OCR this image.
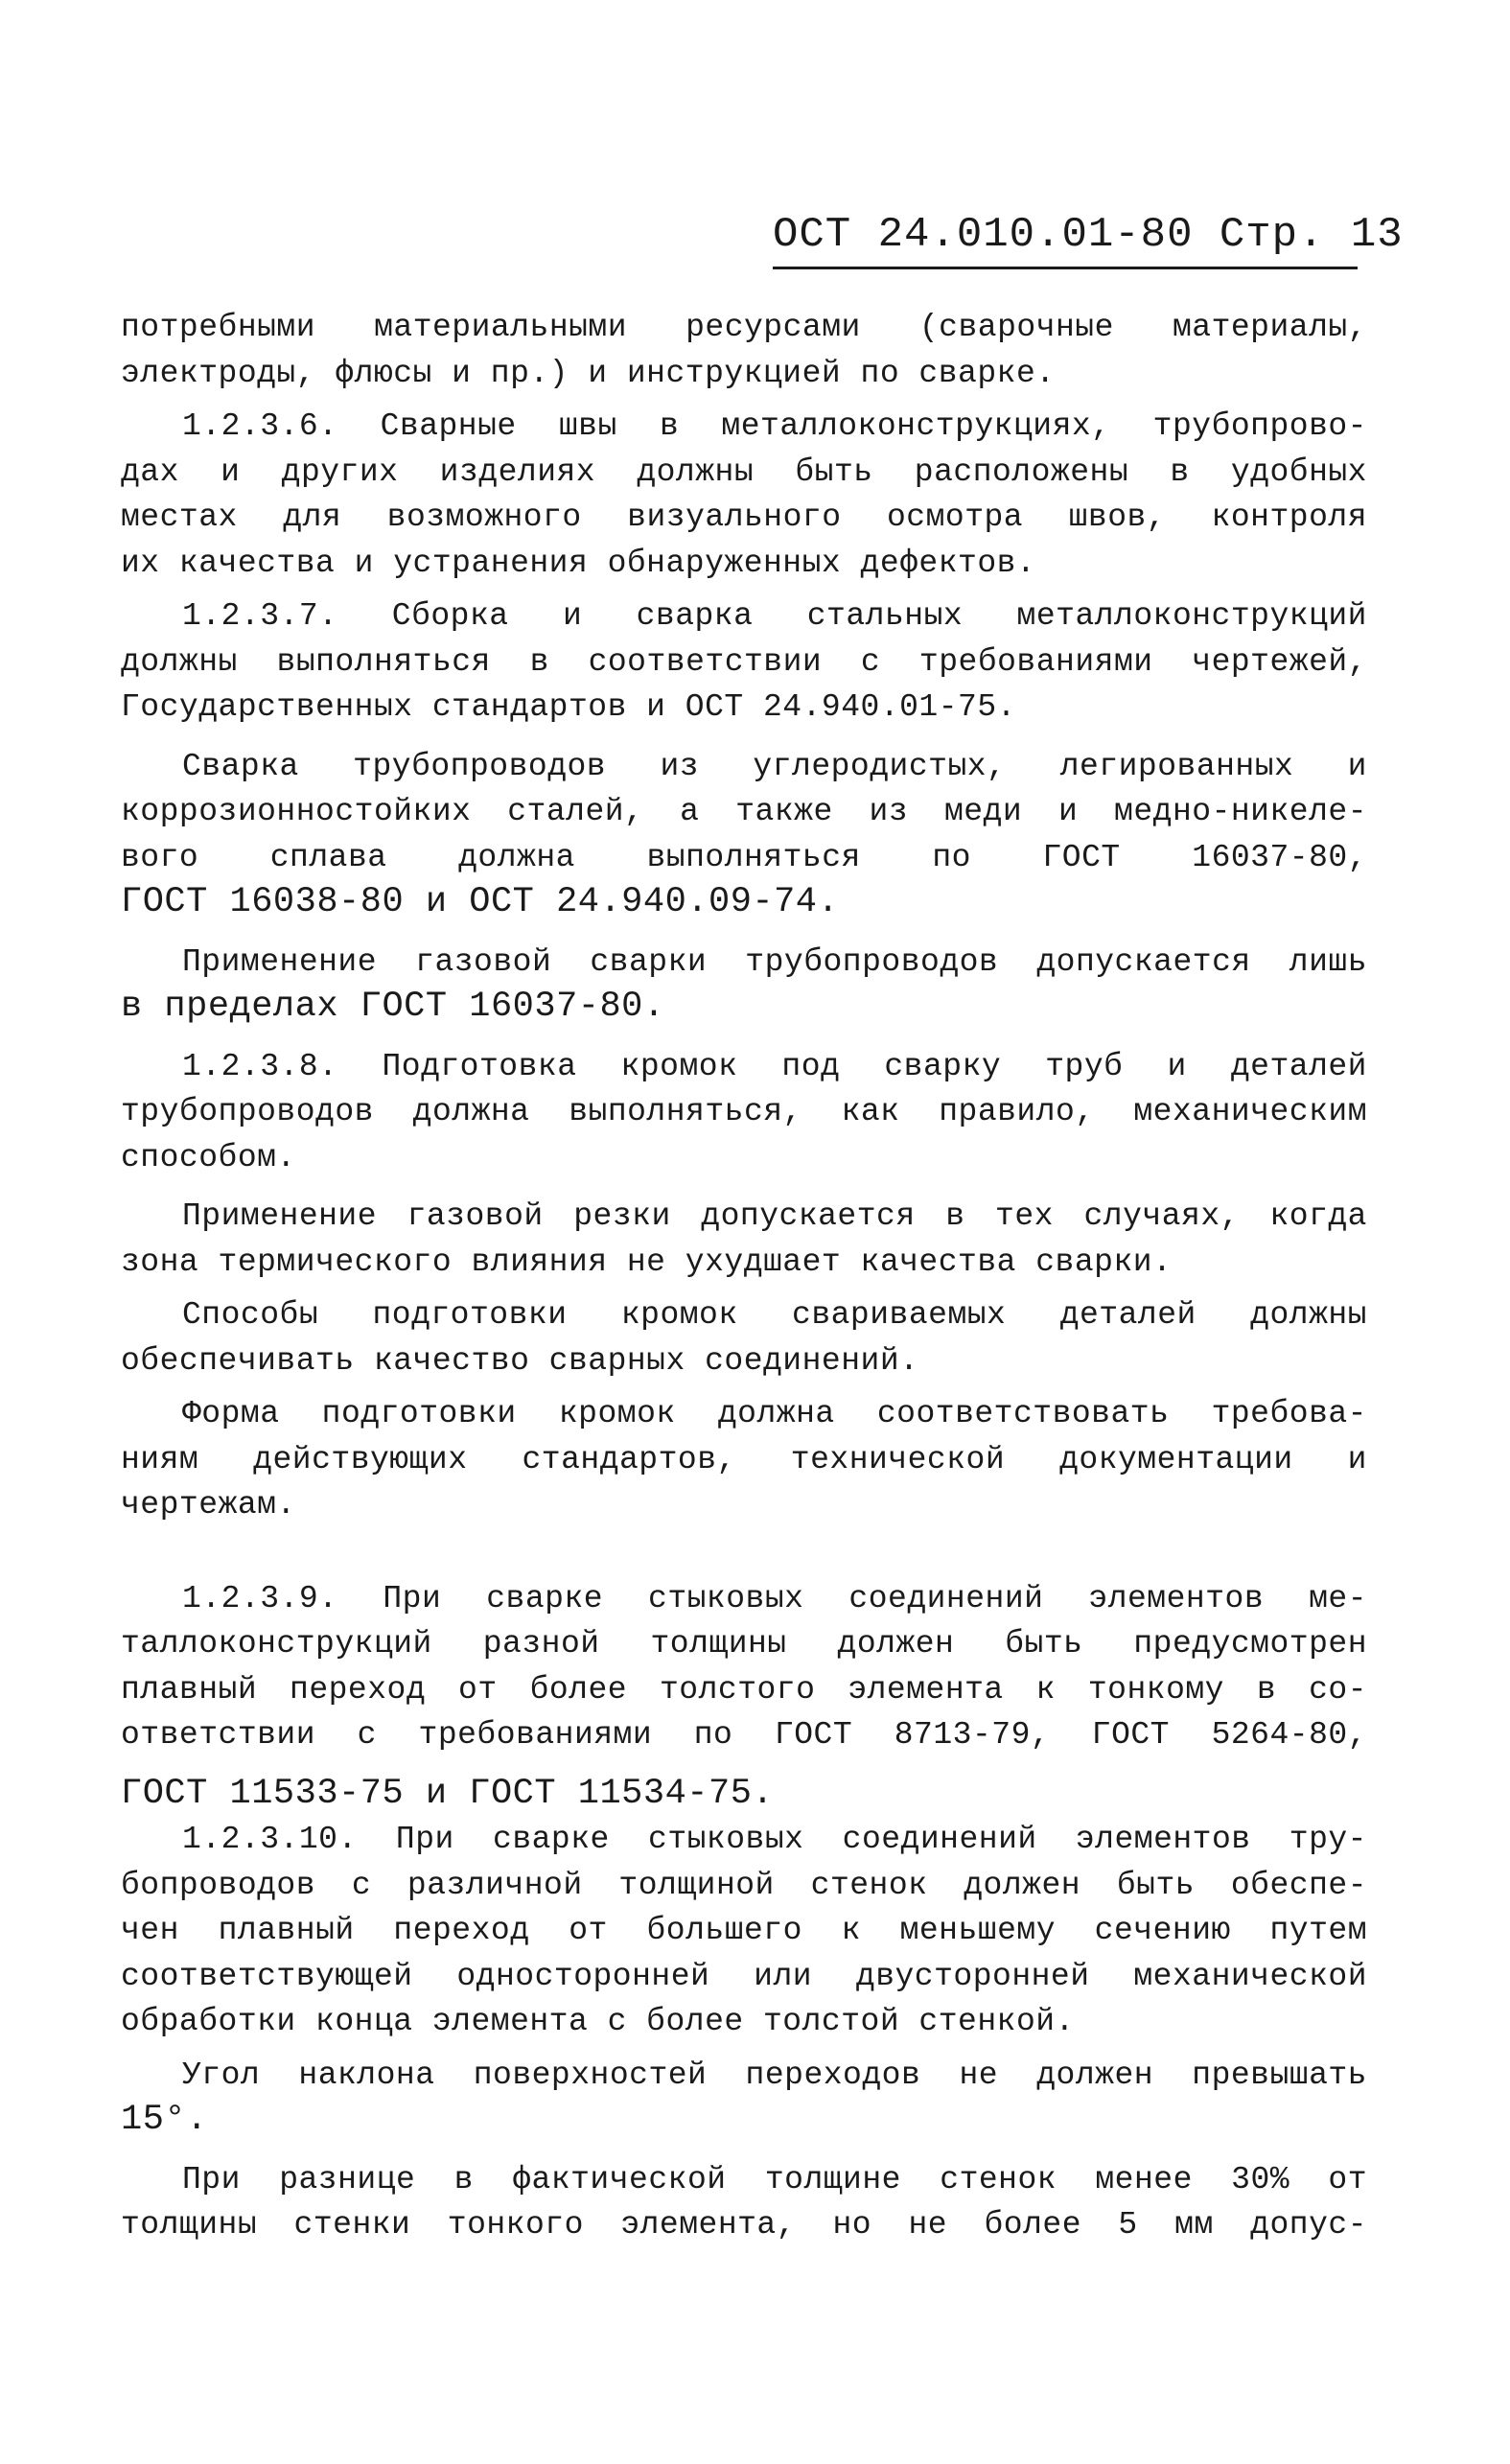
ОСТ 24.010.01-80 Стр. 13
потребными материальными ресурсами (сварочные материалы,
электроды, флюсы и пр.) и инструкцией по сварке.
1.2.3.6. Сварные швы в металлоконструкциях, трубопрово-
дах и других изделиях должны быть расположены в удобных
местах для возможного визуального осмотра швов, контроля
их качества и устранения обнаруженных дефектов.
1.2.3.7. Сборка и сварка стальных металлоконструкций
должны выполняться в соответствии с требованиями чертежей,
Государственных стандартов и ОСТ 24.940.01-75.
Сварка трубопроводов из углеродистых, легированных и
коррозионностойких сталей, а также из меди и медно-никеле-
вого сплава должна выполняться по ГОСТ 16037-80,
ГОСТ 16038-80 и ОСТ 24.940.09-74.
Применение газовой сварки трубопроводов допускается лишь
в пределах ГОСТ 16037-80.
1.2.3.8. Подготовка кромок под сварку труб и деталей
трубопроводов должна выполняться, как правило, механическим
способом.
Применение газовой резки допускается в тех случаях, когда
зона термического влияния не ухудшает качества сварки.
Способы подготовки кромок свариваемых деталей должны
обеспечивать качество сварных соединений.
Форма подготовки кромок должна соответствовать требова-
ниям действующих стандартов, технической документации и
чертежам.
1.2.3.9. При сварке стыковых соединений элементов ме-
таллоконструкций разной толщины должен быть предусмотрен
плавный переход от более толстого элемента к тонкому в со-
ответствии с требованиями по ГОСТ 8713-79, ГОСТ 5264-80,
ГОСТ 11533-75 и ГОСТ 11534-75.
1.2.3.10. При сварке стыковых соединений элементов тру-
бопроводов с различной толщиной стенок должен быть обеспе-
чен плавный переход от большего к меньшему сечению путем
соответствующей односторонней или двусторонней механической
обработки конца элемента с более толстой стенкой.
Угол наклона поверхностей переходов не должен превышать
15°.
При разнице в фактической толщине стенок менее 30% от
толщины стенки тонкого элемента, но не более 5 мм допус-
